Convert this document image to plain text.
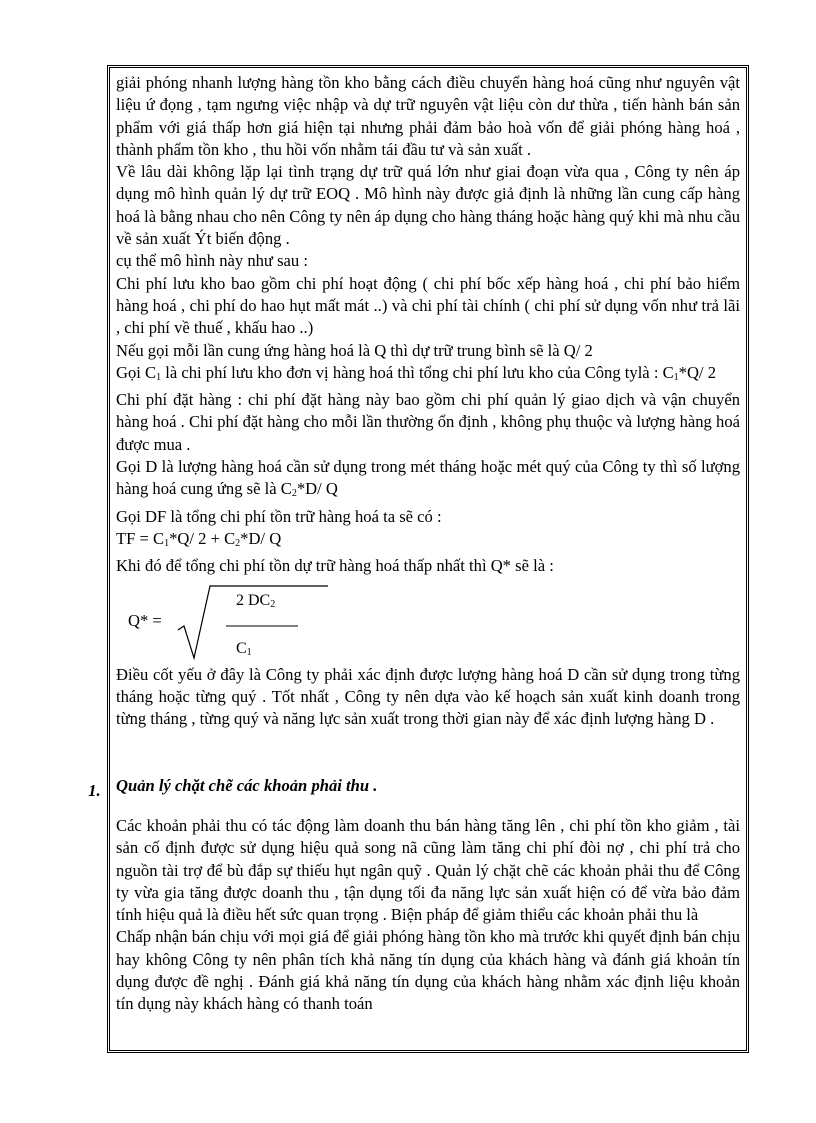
giải phóng nhanh lượng hàng tồn kho bằng cách điều chuyển hàng hoá cũng như nguyên vật liệu ứ đọng , tạm ngưng việc nhập và dự trữ nguyên vật liệu còn dư thừa , tiến hành bán sản phẩm với giá thấp hơn giá hiện tại nhưng phải đảm bảo hoà vốn để giải phóng hàng hoá , thành phẩm tồn kho , thu hồi vốn nhằm tái đầu tư và sản xuất .

Về lâu dài không lặp lại tình trạng dự trữ quá lớn như giai đoạn vừa qua , Công ty nên áp dụng mô hình quản lý dự trữ EOQ . Mô hình này được giả định là những lần cung cấp hàng hoá là bằng nhau cho nên Công ty nên áp dụng cho hàng tháng hoặc hàng quý khi mà nhu cầu về sản xuất Ýt biến động .

cụ thể mô hình này như sau :

Chi phí lưu kho bao gồm chi phí hoạt động ( chi phí bốc xếp hàng hoá , chi phí bảo hiểm hàng hoá , chi phí do hao hụt mất mát ..) và chi phí tài chính ( chi phí sử dụng vốn như trả lãi , chi phí về thuế , khấu hao ..)

Nếu gọi mỗi lần cung ứng hàng hoá là Q thì dự trữ trung bình sẽ là Q/ 2

Gọi $C_1$ là chi phí lưu kho đơn vị hàng hoá thì tổng chi phí lưu kho của Công tylà : $C_1*Q/$ 2

Chi phí đặt hàng : chi phí đặt hàng này bao gồm chi phí quản lý giao dịch và vận chuyển hàng hoá . Chi phí đặt hàng cho mỗi lần thường ổn định , không phụ thuộc và lượng hàng hoá được mua .

Gọi D là lượng hàng hoá cần sử dụng trong mét tháng hoặc mét quý của Công ty thì số lượng hàng hoá cung ứng sẽ là $C_2*D/$ Q

Gọi DF là tổng chi phí tồn trữ hàng hoá ta sẽ có :

TF = $C_1*Q/$ $2 + C_2*D/$ Q

Khi đó để tổng chi phí tồn dự trữ hàng hoá thấp nhất thì Q* sẽ là :

Q* =
2 $DC_2$
$C_1$

Điều cốt yếu ở đây là Công ty phải xác định được lượng hàng hoá D cần sử dụng trong từng tháng hoặc từng quý . Tốt nhất , Công ty nên dựa vào kế hoạch sản xuất kinh doanh trong từng tháng , từng quý và năng lực sản xuất trong thời gian này để xác định lượng hàng D .

1. Quản lý chặt chẽ các khoản phải thu .

Các khoản phải thu có tác động làm doanh thu bán hàng tăng lên , chi phí tồn kho giảm , tài sản cố định được sử dụng hiệu quả song nã cũng làm tăng chi phí đòi nợ , chi phí trả cho nguồn tài trợ để bù đắp sự thiếu hụt ngân quỹ . Quản lý chặt chẽ các khoản phải thu để Công ty vừa gia tăng được doanh thu , tận dụng tối đa năng lực sản xuất hiện có để vừa bảo đảm tính hiệu quả là điều hết sức quan trọng . Biện pháp để giảm thiểu các khoản phải thu là

Chấp nhận bán chịu với mọi giá để giải phóng hàng tồn kho mà trước khi quyết định bán chịu hay không Công ty nên phân tích khả năng tín dụng của khách hàng và đánh giá khoản tín dụng được đề nghị . Đánh giá khả năng tín dụng của khách hàng nhằm xác định liệu khoản tín dụng này khách hàng có thanh toán
